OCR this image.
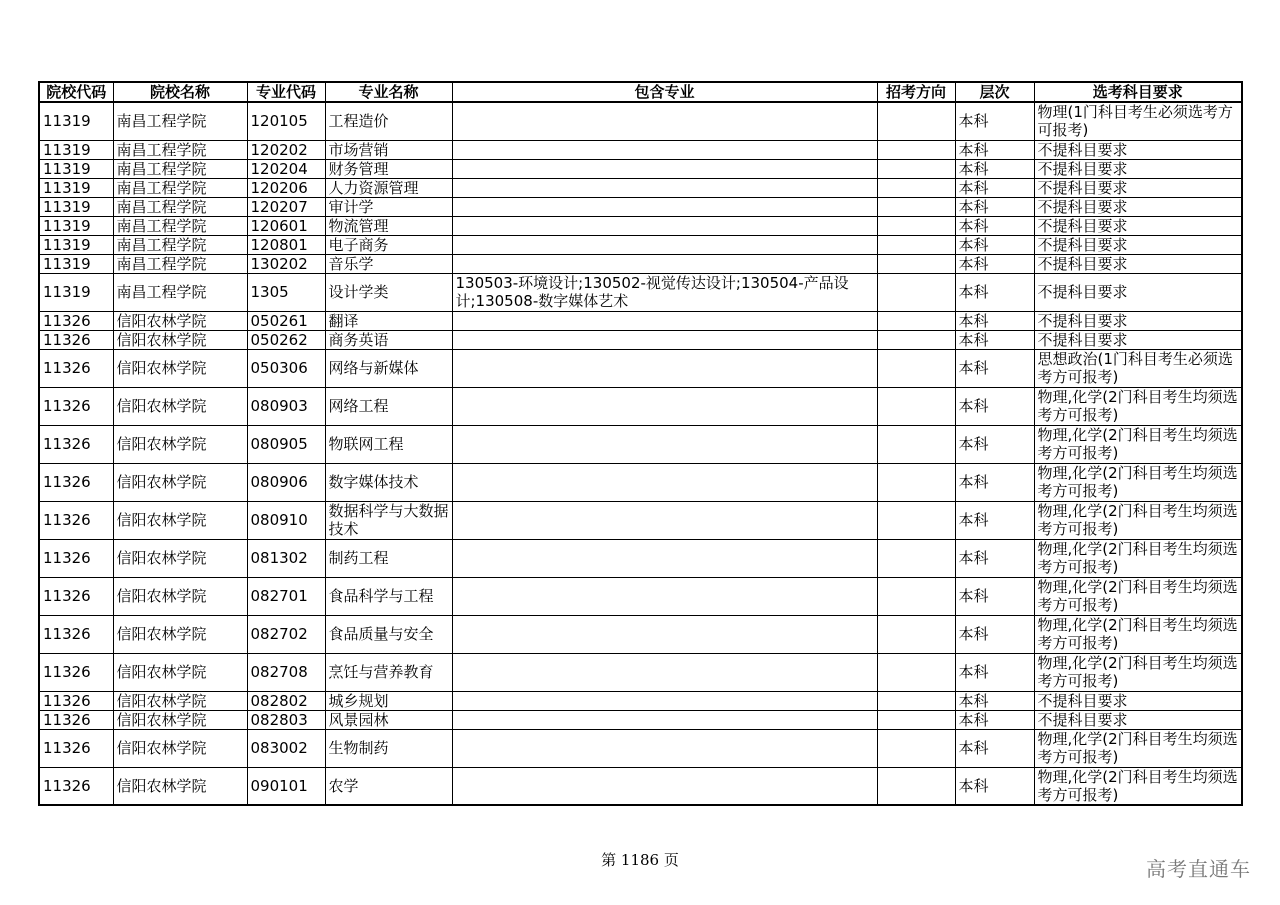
院校代码	院校名称	专业代码	专业名称	包含专业	招考方向	层次	选考科目要求
11319	南昌工程学院	120105	工程造价			本科	物理(1门科目考生必须选考方可报考)
11319	南昌工程学院	120202	市场营销			本科	不提科目要求
11319	南昌工程学院	120204	财务管理			本科	不提科目要求
11319	南昌工程学院	120206	人力资源管理			本科	不提科目要求
11319	南昌工程学院	120207	审计学			本科	不提科目要求
11319	南昌工程学院	120601	物流管理			本科	不提科目要求
11319	南昌工程学院	120801	电子商务			本科	不提科目要求
11319	南昌工程学院	130202	音乐学			本科	不提科目要求
11319	南昌工程学院	1305	设计学类	130503-环境设计;130502-视觉传达设计;130504-产品设计;130508-数字媒体艺术		本科	不提科目要求
11326	信阳农林学院	050261	翻译			本科	不提科目要求
11326	信阳农林学院	050262	商务英语			本科	不提科目要求
11326	信阳农林学院	050306	网络与新媒体			本科	思想政治(1门科目考生必须选考方可报考)
11326	信阳农林学院	080903	网络工程			本科	物理,化学(2门科目考生均须选考方可报考)
11326	信阳农林学院	080905	物联网工程			本科	物理,化学(2门科目考生均须选考方可报考)
11326	信阳农林学院	080906	数字媒体技术			本科	物理,化学(2门科目考生均须选考方可报考)
11326	信阳农林学院	080910	数据科学与大数据技术			本科	物理,化学(2门科目考生均须选考方可报考)
11326	信阳农林学院	081302	制药工程			本科	物理,化学(2门科目考生均须选考方可报考)
11326	信阳农林学院	082701	食品科学与工程			本科	物理,化学(2门科目考生均须选考方可报考)
11326	信阳农林学院	082702	食品质量与安全			本科	物理,化学(2门科目考生均须选考方可报考)
11326	信阳农林学院	082708	烹饪与营养教育			本科	物理,化学(2门科目考生均须选考方可报考)
11326	信阳农林学院	082802	城乡规划			本科	不提科目要求
11326	信阳农林学院	082803	风景园林			本科	不提科目要求
11326	信阳农林学院	083002	生物制药			本科	物理,化学(2门科目考生均须选考方可报考)
11326	信阳农林学院	090101	农学			本科	物理,化学(2门科目考生均须选考方可报考)
第 1186 页	高考直通车
